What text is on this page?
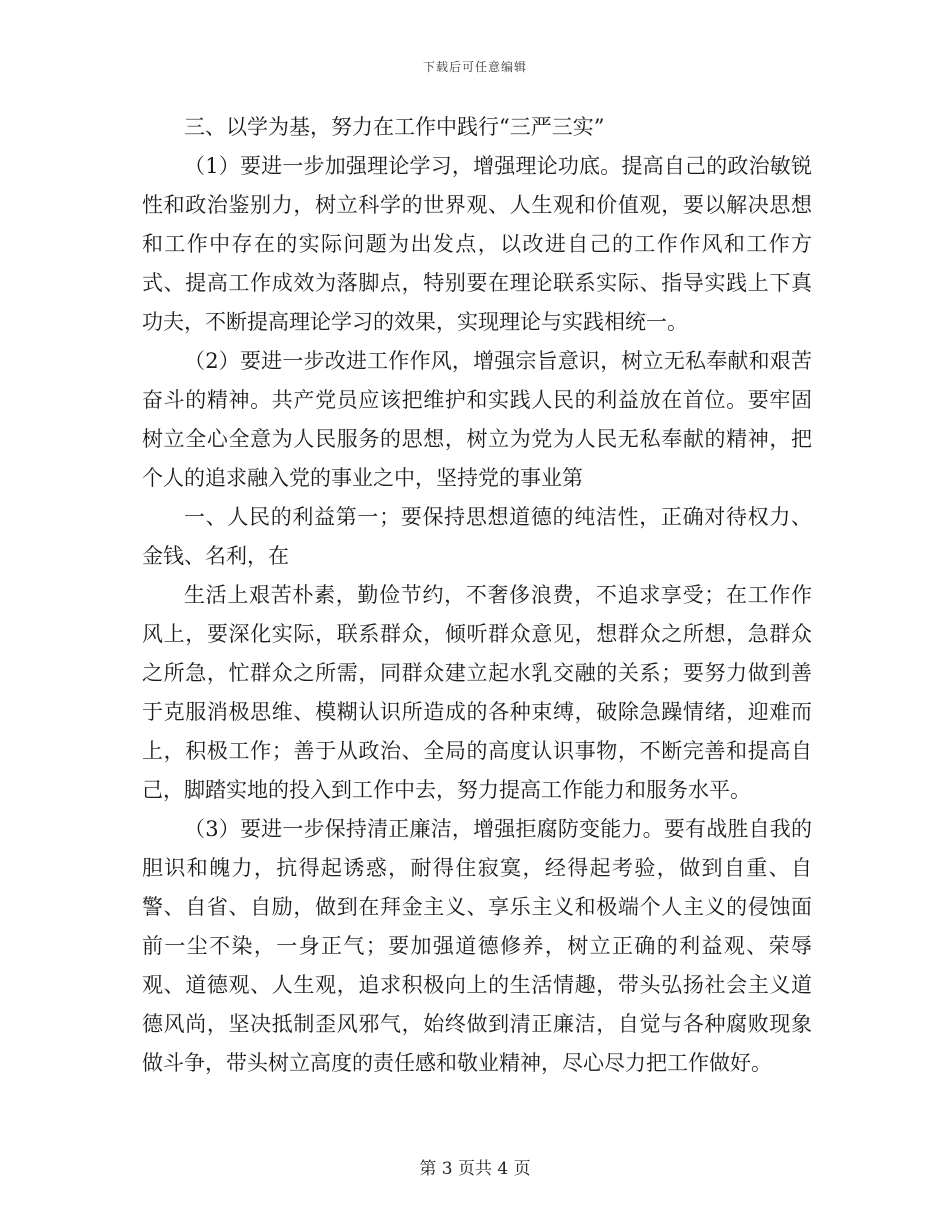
下载后可任意编辑

三、以学为基，努力在工作中践行“三严三实”

（1）要进一步加强理论学习，增强理论功底。提高自己的政治敏锐性和政治鉴别力，树立科学的世界观、人生观和价值观，要以解决思想和工作中存在的实际问题为出发点，以改进自己的工作作风和工作方式、提高工作成效为落脚点，特别要在理论联系实际、指导实践上下真功夫，不断提高理论学习的效果，实现理论与实践相统一。

（2）要进一步改进工作作风，增强宗旨意识，树立无私奉献和艰苦奋斗的精神。共产党员应该把维护和实践人民的利益放在首位。要牢固树立全心全意为人民服务的思想，树立为党为人民无私奉献的精神，把个人的追求融入党的事业之中，坚持党的事业第

一、人民的利益第一；要保持思想道德的纯洁性，正确对待权力、金钱、名利，在

生活上艰苦朴素，勤俭节约，不奢侈浪费，不追求享受；在工作作风上，要深化实际，联系群众，倾听群众意见，想群众之所想，急群众之所急，忙群众之所需，同群众建立起水乳交融的关系；要努力做到善于克服消极思维、模糊认识所造成的各种束缚，破除急躁情绪，迎难而上，积极工作；善于从政治、全局的高度认识事物，不断完善和提高自己，脚踏实地的投入到工作中去，努力提高工作能力和服务水平。

（3）要进一步保持清正廉洁，增强拒腐防变能力。要有战胜自我的胆识和魄力，抗得起诱惑，耐得住寂寞，经得起考验，做到自重、自警、自省、自励，做到在拜金主义、享乐主义和极端个人主义的侵蚀面前一尘不染，一身正气；要加强道德修养，树立正确的利益观、荣辱观、道德观、人生观，追求积极向上的生活情趣，带头弘扬社会主义道德风尚，坚决抵制歪风邪气，始终做到清正廉洁，自觉与各种腐败现象做斗争，带头树立高度的责任感和敬业精神，尽心尽力把工作做好。

第 3 页共 4 页
